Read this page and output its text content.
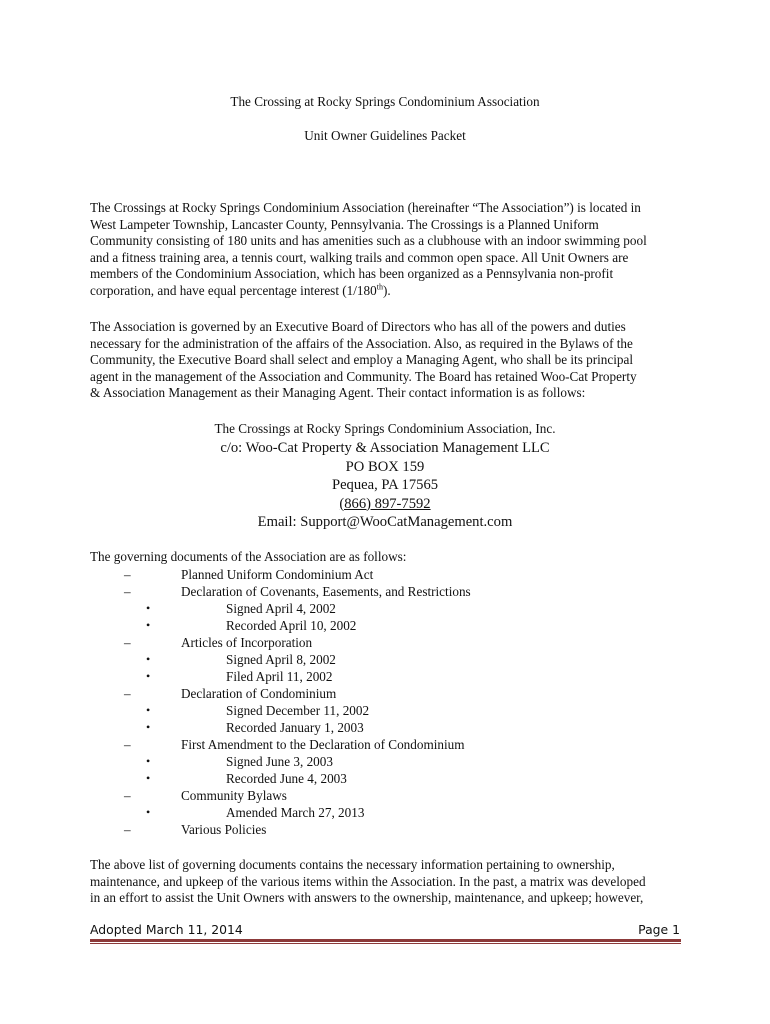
The Crossing at Rocky Springs Condominium Association
Unit Owner Guidelines Packet
The Crossings at Rocky Springs Condominium Association (hereinafter “The Association”) is located in
West Lampeter Township, Lancaster County, Pennsylvania. The Crossings is a Planned Uniform
Community consisting of 180 units and has amenities such as a clubhouse with an indoor swimming pool
and a fitness training area, a tennis court, walking trails and common open space. All Unit Owners are
members of the Condominium Association, which has been organized as a Pennsylvania non-profit
corporation, and have equal percentage interest (1/180th).
The Association is governed by an Executive Board of Directors who has all of the powers and duties
necessary for the administration of the affairs of the Association. Also, as required in the Bylaws of the
Community, the Executive Board shall select and employ a Managing Agent, who shall be its principal
agent in the management of the Association and Community. The Board has retained Woo-Cat Property
& Association Management as their Managing Agent. Their contact information is as follows:
The Crossings at Rocky Springs Condominium Association, Inc.
c/o: Woo-Cat Property & Association Management LLC
PO BOX 159
Pequea, PA 17565
(866) 897-7592
Email: Support@WooCatManagement.com
The governing documents of the Association are as follows:
–	Planned Uniform Condominium Act
–	Declaration of Covenants, Easements, and Restrictions
•	Signed April 4, 2002
•	Recorded April 10, 2002
–	Articles of Incorporation
•	Signed April 8, 2002
•	Filed April 11, 2002
–	Declaration of Condominium
•	Signed December 11, 2002
•	Recorded January 1, 2003
–	First Amendment to the Declaration of Condominium
•	Signed June 3, 2003
•	Recorded June 4, 2003
–	Community Bylaws
•	Amended March 27, 2013
–	Various Policies
The above list of governing documents contains the necessary information pertaining to ownership,
maintenance, and upkeep of the various items within the Association. In the past, a matrix was developed
in an effort to assist the Unit Owners with answers to the ownership, maintenance, and upkeep; however,
Adopted March 11, 2014	Page 1
